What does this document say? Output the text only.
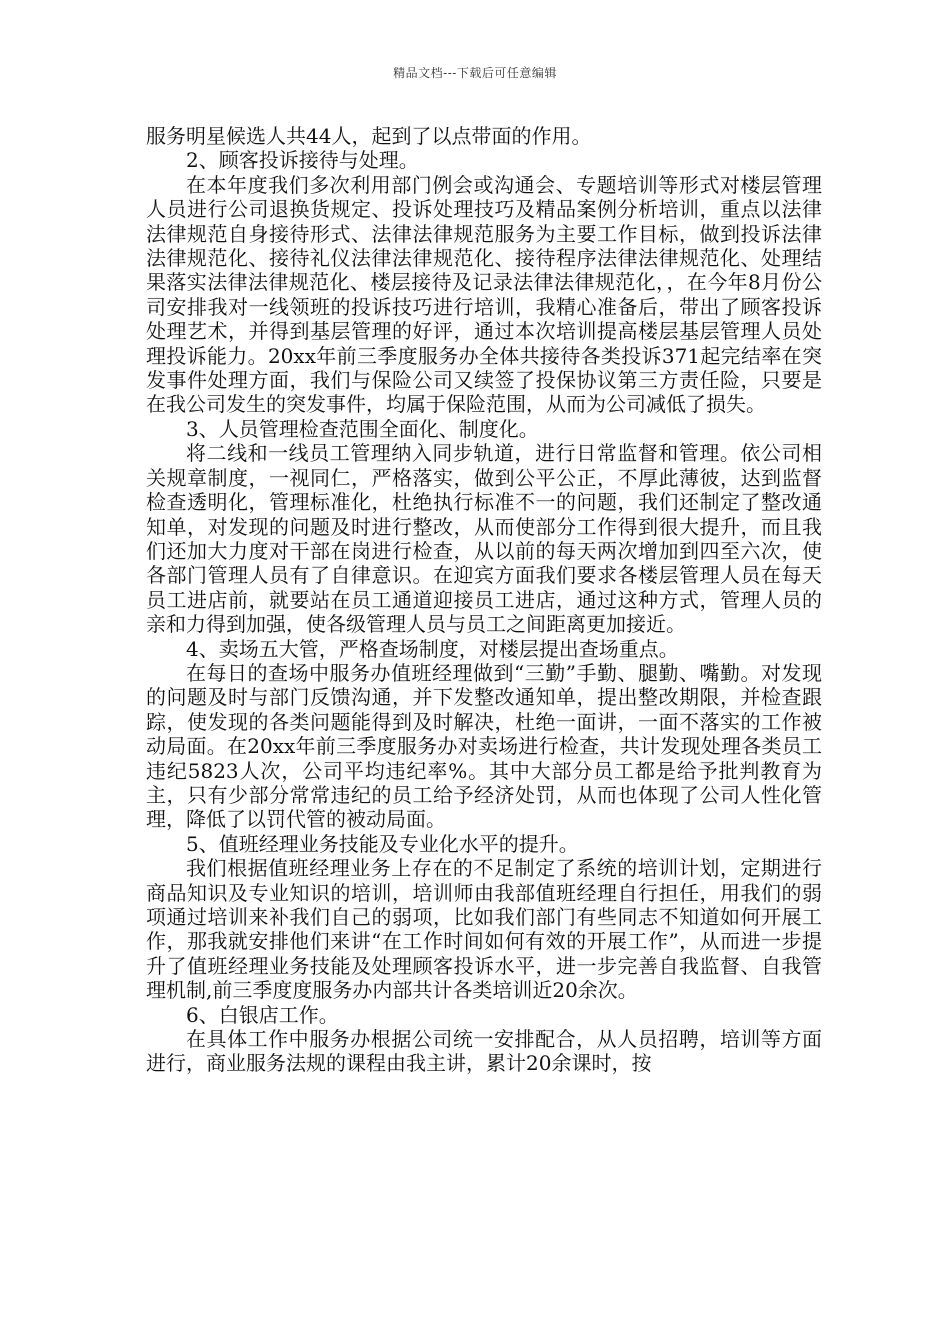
精品文档---下载后可任意编辑

服务明星候选人共44人，起到了以点带面的作用。

2、顾客投诉接待与处理。

在本年度我们多次利用部门例会或沟通会、专题培训等形式对楼层管理人员进行公司退换货规定、投诉处理技巧及精品案例分析培训，重点以法律法律规范自身接待形式、法律法律规范服务为主要工作目标，做到投诉法律法律规范化、接待礼仪法律法律规范化、接待程序法律法律规范化、处理结果落实法律法律规范化、楼层接待及记录法律法律规范化，，在今年8月份公司安排我对一线领班的投诉技巧进行培训，我精心准备后，带出了顾客投诉处理艺术，并得到基层管理的好评，通过本次培训提高楼层基层管理人员处理投诉能力。20xx年前三季度服务办全体共接待各类投诉371起完结率在突发事件处理方面，我们与保险公司又续签了投保协议第三方责任险，只要是在我公司发生的突发事件，均属于保险范围，从而为公司减低了损失。

3、人员管理检查范围全面化、制度化。

将二线和一线员工管理纳入同步轨道，进行日常监督和管理。依公司相关规章制度，一视同仁，严格落实，做到公平公正，不厚此薄彼，达到监督检查透明化，管理标准化，杜绝执行标准不一的问题，我们还制定了整改通知单，对发现的问题及时进行整改，从而使部分工作得到很大提升，而且我们还加大力度对干部在岗进行检查，从以前的每天两次增加到四至六次，使各部门管理人员有了自律意识。在迎宾方面我们要求各楼层管理人员在每天员工进店前，就要站在员工通道迎接员工进店，通过这种方式，管理人员的亲和力得到加强，使各级管理人员与员工之间距离更加接近。

4、卖场五大管，严格查场制度，对楼层提出查场重点。

在每日的查场中服务办值班经理做到“三勤”手勤、腿勤、嘴勤。对发现的问题及时与部门反馈沟通，并下发整改通知单，提出整改期限，并检查跟踪，使发现的各类问题能得到及时解决，杜绝一面讲，一面不落实的工作被动局面。在20xx年前三季度服务办对卖场进行检查，共计发现处理各类员工违纪5823人次，公司平均违纪率%。其中大部分员工都是给予批判教育为主，只有少部分常常违纪的员工给予经济处罚，从而也体现了公司人性化管理，降低了以罚代管的被动局面。

5、值班经理业务技能及专业化水平的提升。

我们根据值班经理业务上存在的不足制定了系统的培训计划，定期进行商品知识及专业知识的培训，培训师由我部值班经理自行担任，用我们的弱项通过培训来补我们自己的弱项，比如我们部门有些同志不知道如何开展工作，那我就安排他们来讲“在工作时间如何有效的开展工作”，从而进一步提升了值班经理业务技能及处理顾客投诉水平，进一步完善自我监督、自我管理机制,前三季度度服务办内部共计各类培训近20余次。

6、白银店工作。

在具体工作中服务办根据公司统一安排配合，从人员招聘，培训等方面进行，商业服务法规的课程由我主讲，累计20余课时，按
